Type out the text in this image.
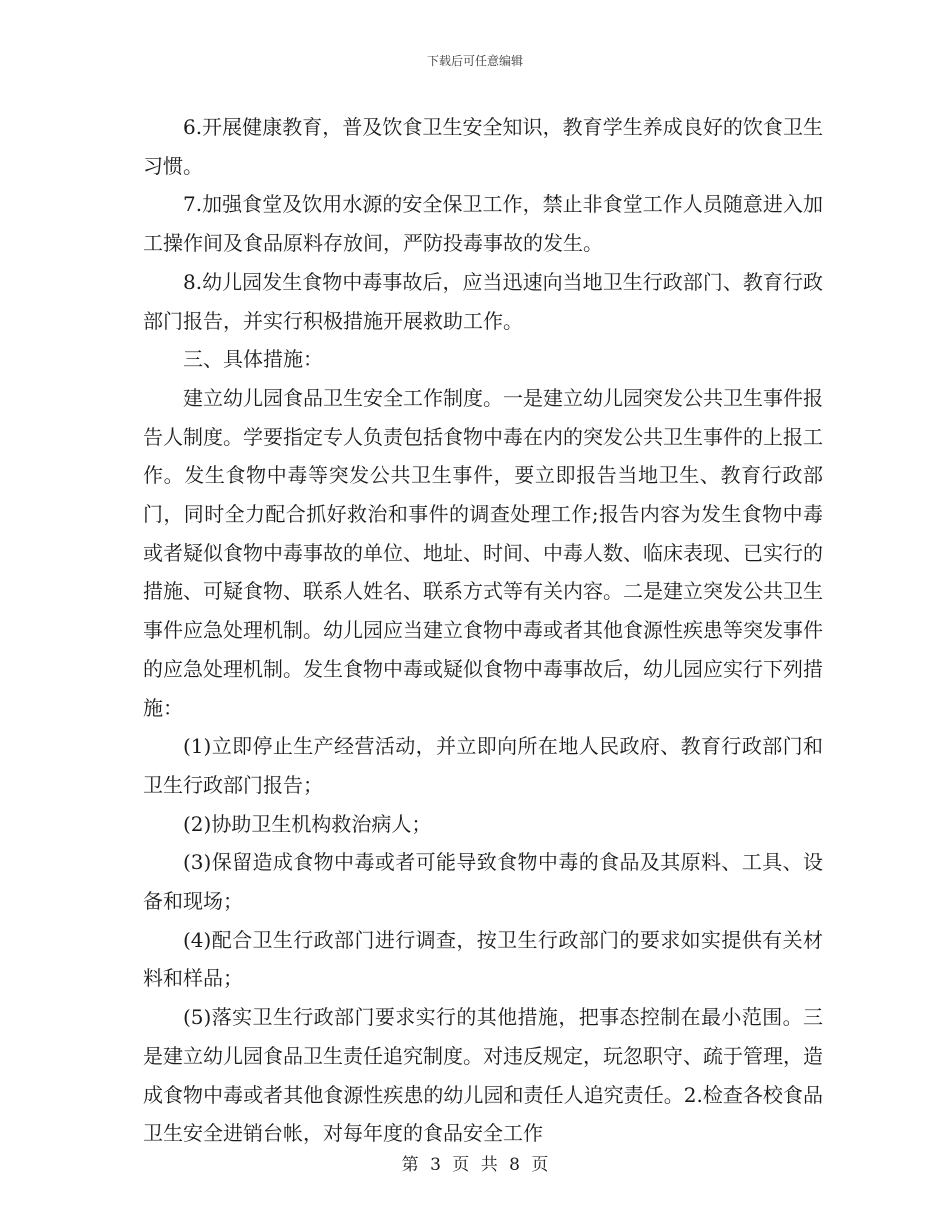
下载后可任意编辑

6.开展健康教育，普及饮食卫生安全知识，教育学生养成良好的饮食卫生习惯。

7.加强食堂及饮用水源的安全保卫工作，禁止非食堂工作人员随意进入加工操作间及食品原料存放间，严防投毒事故的发生。

8.幼儿园发生食物中毒事故后，应当迅速向当地卫生行政部门、教育行政部门报告，并实行积极措施开展救助工作。

三、具体措施：

建立幼儿园食品卫生安全工作制度。一是建立幼儿园突发公共卫生事件报告人制度。学要指定专人负责包括食物中毒在内的突发公共卫生事件的上报工作。发生食物中毒等突发公共卫生事件，要立即报告当地卫生、教育行政部门，同时全力配合抓好救治和事件的调查处理工作;报告内容为发生食物中毒或者疑似食物中毒事故的单位、地址、时间、中毒人数、临床表现、已实行的措施、可疑食物、联系人姓名、联系方式等有关内容。二是建立突发公共卫生事件应急处理机制。幼儿园应当建立食物中毒或者其他食源性疾患等突发事件的应急处理机制。发生食物中毒或疑似食物中毒事故后，幼儿园应实行下列措施：

(1)立即停止生产经营活动，并立即向所在地人民政府、教育行政部门和卫生行政部门报告；

(2)协助卫生机构救治病人；

(3)保留造成食物中毒或者可能导致食物中毒的食品及其原料、工具、设备和现场；

(4)配合卫生行政部门进行调查，按卫生行政部门的要求如实提供有关材料和样品；

(5)落实卫生行政部门要求实行的其他措施，把事态控制在最小范围。三是建立幼儿园食品卫生责任追究制度。对违反规定，玩忽职守、疏于管理，造成食物中毒或者其他食源性疾患的幼儿园和责任人追究责任。2.检查各校食品卫生安全进销台帐，对每年度的食品安全工作

第 3 页 共 8 页
